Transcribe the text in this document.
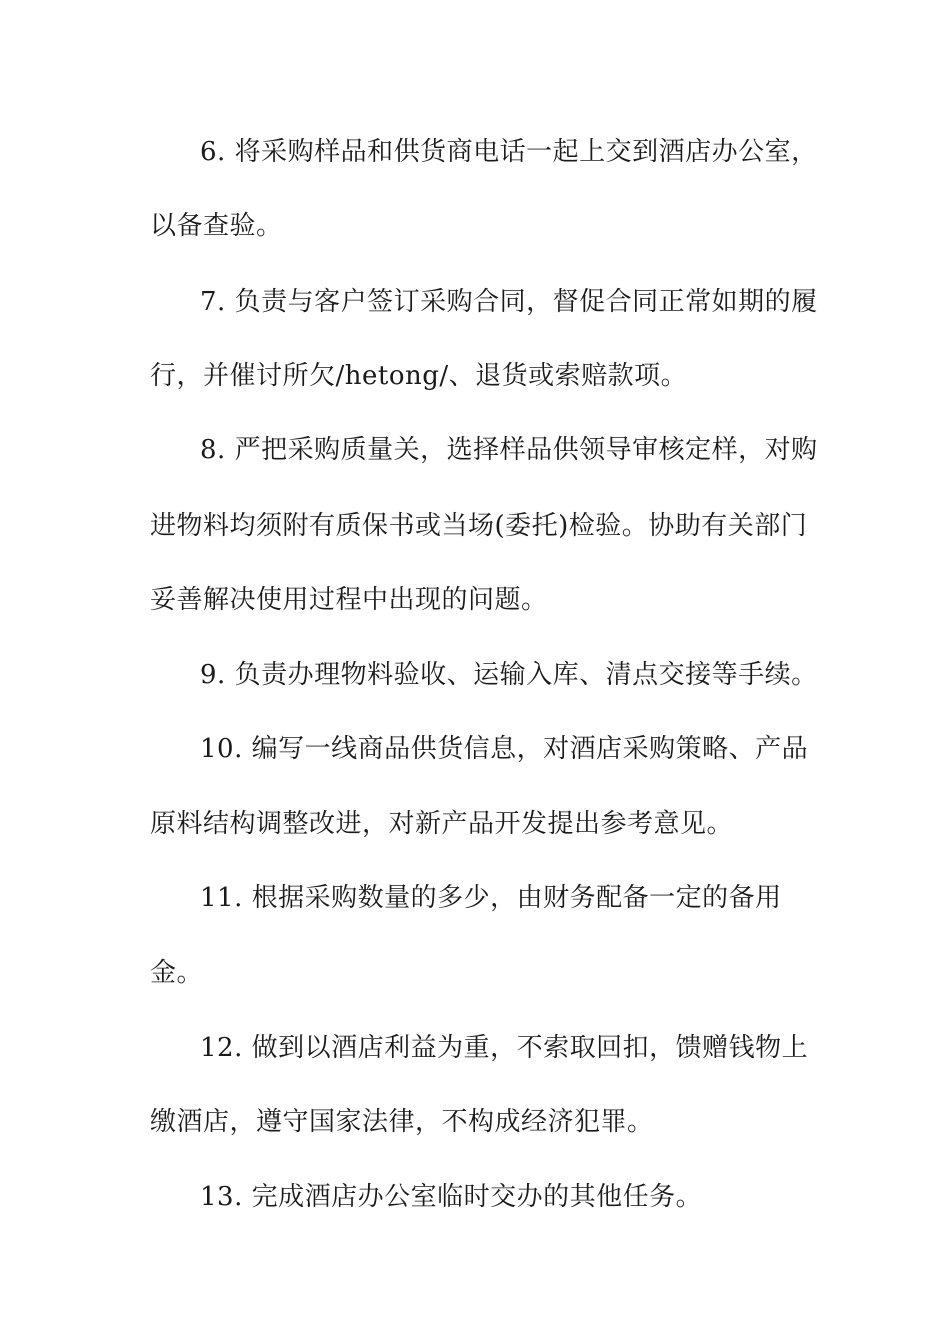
6. 将采购样品和供货商电话一起上交到酒店办公室，
以备查验。
7. 负责与客户签订采购合同，督促合同正常如期的履
行，并催讨所欠/hetong/、退货或索赔款项。
8. 严把采购质量关，选择样品供领导审核定样，对购
进物料均须附有质保书或当场(委托)检验。协助有关部门
妥善解决使用过程中出现的问题。
9. 负责办理物料验收、运输入库、清点交接等手续。
10. 编写一线商品供货信息，对酒店采购策略、产品
原料结构调整改进，对新产品开发提出参考意见。
11. 根据采购数量的多少，由财务配备一定的备用
金。
12. 做到以酒店利益为重，不索取回扣，馈赠钱物上
缴酒店，遵守国家法律，不构成经济犯罪。
13. 完成酒店办公室临时交办的其他任务。
